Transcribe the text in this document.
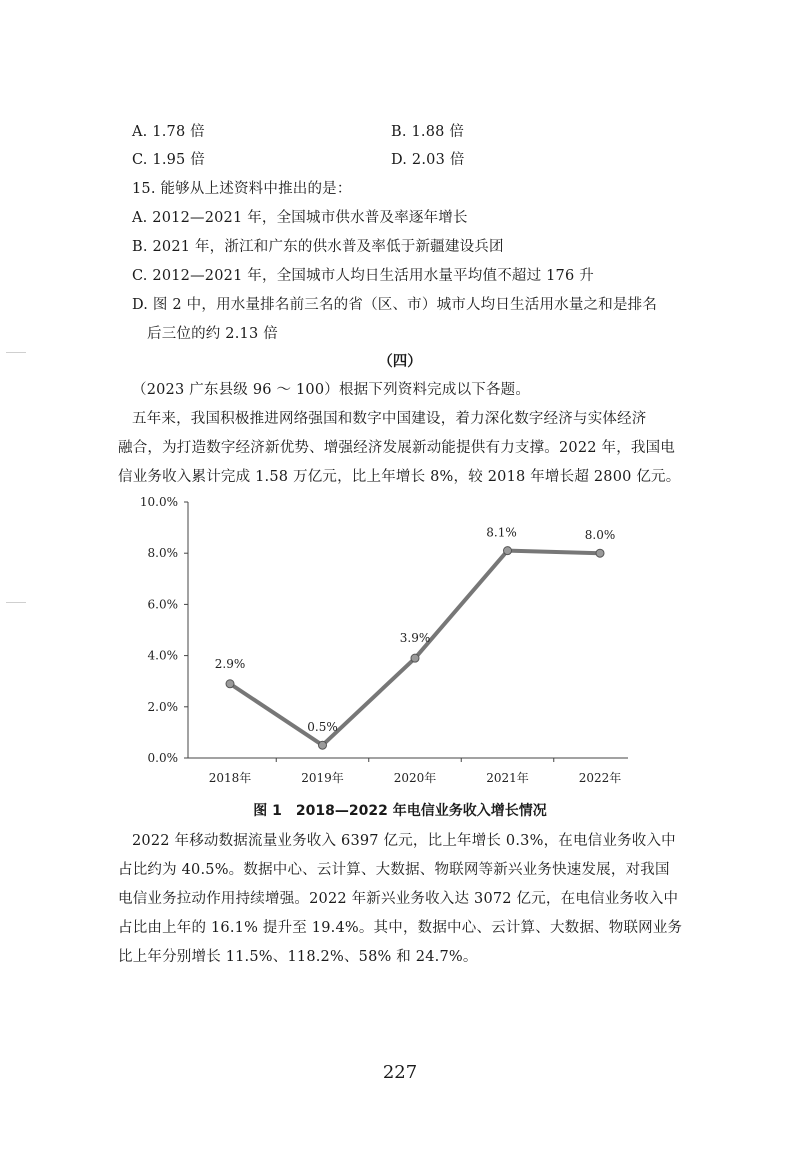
A. 1.78 倍	B. 1.88 倍
C. 1.95 倍	D. 2.03 倍
15. 能够从上述资料中推出的是：
A. 2012—2021 年，全国城市供水普及率逐年增长
B. 2021 年，浙江和广东的供水普及率低于新疆建设兵团
C. 2012—2021 年，全国城市人均日生活用水量平均值不超过 176 升
D. 图 2 中，用水量排名前三名的省（区、市）城市人均日生活用水量之和是排名
后三位的约 2.13 倍
（四）
（2023 广东县级 96 ～ 100）根据下列资料完成以下各题。
五年来，我国积极推进网络强国和数字中国建设，着力深化数字经济与实体经济
融合，为打造数字经济新优势、增强经济发展新动能提供有力支撑。2022 年，我国电
信业务收入累计完成 1.58 万亿元，比上年增长 8%，较 2018 年增长超 2800 亿元。
0.0%
2.0%
4.0%
6.0%
8.0%
10.0%
2018年	2019年	2020年	2021年	2022年
2.9%
0.5%
3.9%
8.1%	8.0%
图 1　2018—2022 年电信业务收入增长情况
2022 年移动数据流量业务收入 6397 亿元，比上年增长 0.3%，在电信业务收入中
占比约为 40.5%。数据中心、云计算、大数据、物联网等新兴业务快速发展，对我国
电信业务拉动作用持续增强。2022 年新兴业务收入达 3072 亿元，在电信业务收入中
占比由上年的 16.1% 提升至 19.4%。其中，数据中心、云计算、大数据、物联网业务
比上年分别增长 11.5%、118.2%、58% 和 24.7%。
227
